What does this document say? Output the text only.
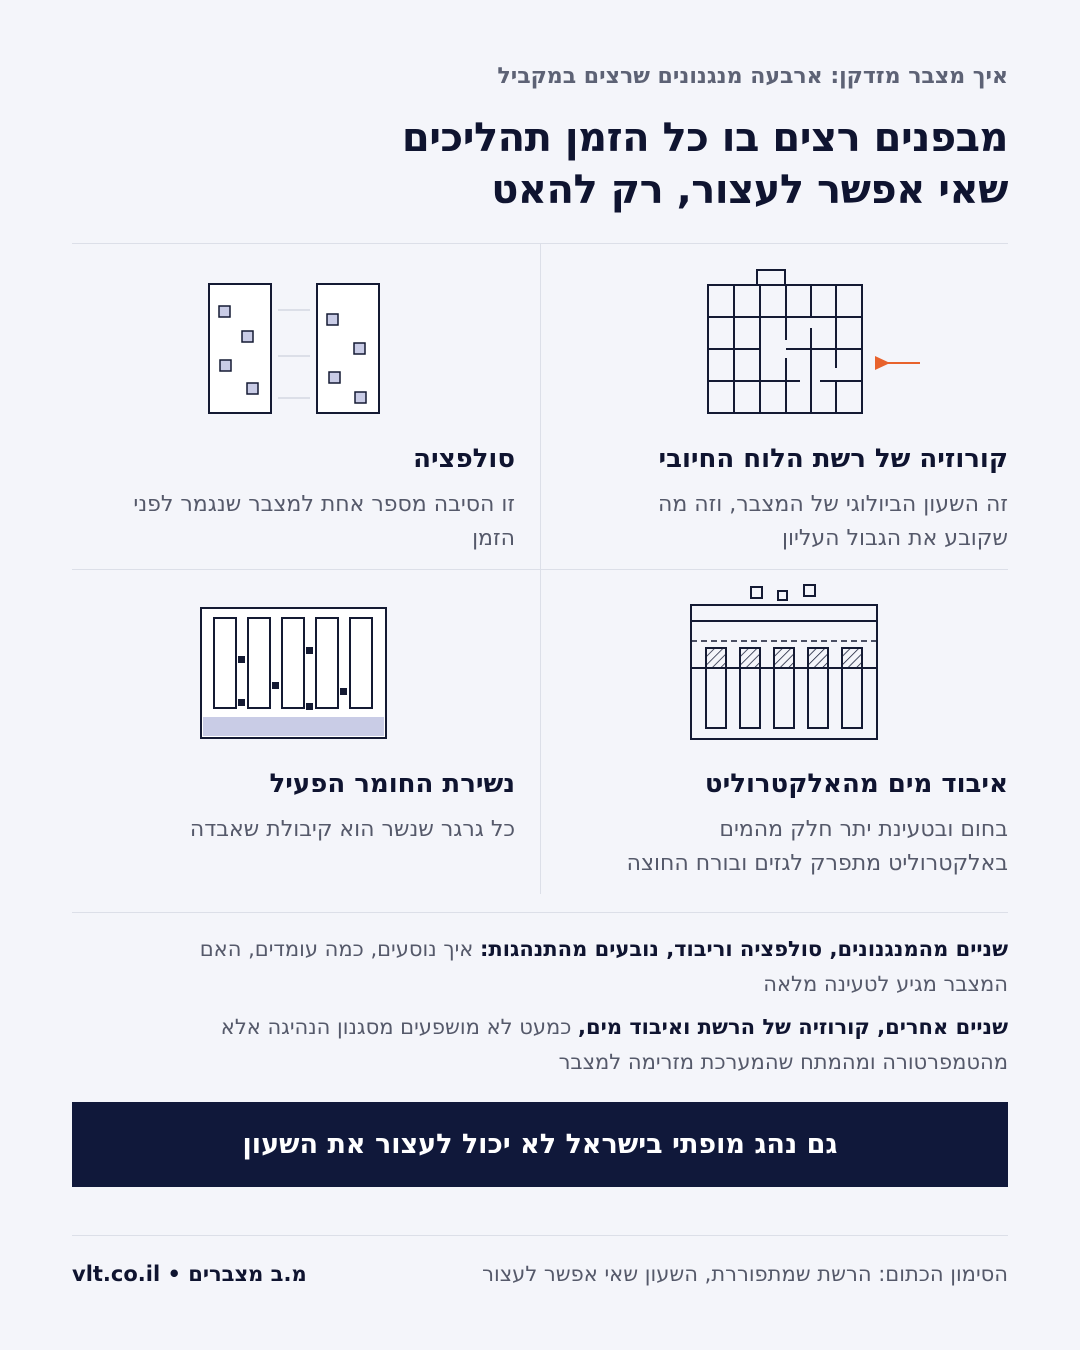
איך מצבר מזדקן: ארבעה מנגנונים שרצים במקביל
מבפנים רצים בו כל הזמן תהליכים
שאי אפשר לעצור, רק להאט
קורוזיה של רשת הלוח החיובי
זה השעון הביולוגי של המצבר, וזה מה
שקובע את הגבול העליון
סולפציה
זו הסיבה מספר אחת למצבר שנגמר לפני
הזמן
איבוד מים מהאלקטרוליט
בחום ובטעינת יתר חלק מהמים
באלקטרוליט מתפרק לגזים ובורח החוצה
נשירת החומר הפעיל
כל גרגר שנשר הוא קיבולת שאבדה

שניים מהמנגנונים, סולפציה וריבוד, נובעים מהתנהגות: איך נוסעים, כמה עומדים, האם
המצבר מגיע לטעינה מלאה

שניים אחרים, קורוזיה של הרשת ואיבוד מים, כמעט לא מושפעים מסגנון הנהיגה אלא
מהטמפרטורה ומהמתח שהמערכת מזרימה למצבר

גם נהג מופתי בישראל לא יכול לעצור את השעון
הסימון הכתום: הרשת שמתפוררת, השעון שאי אפשר לעצור
מ.ב מצברים • vlt.co.il
